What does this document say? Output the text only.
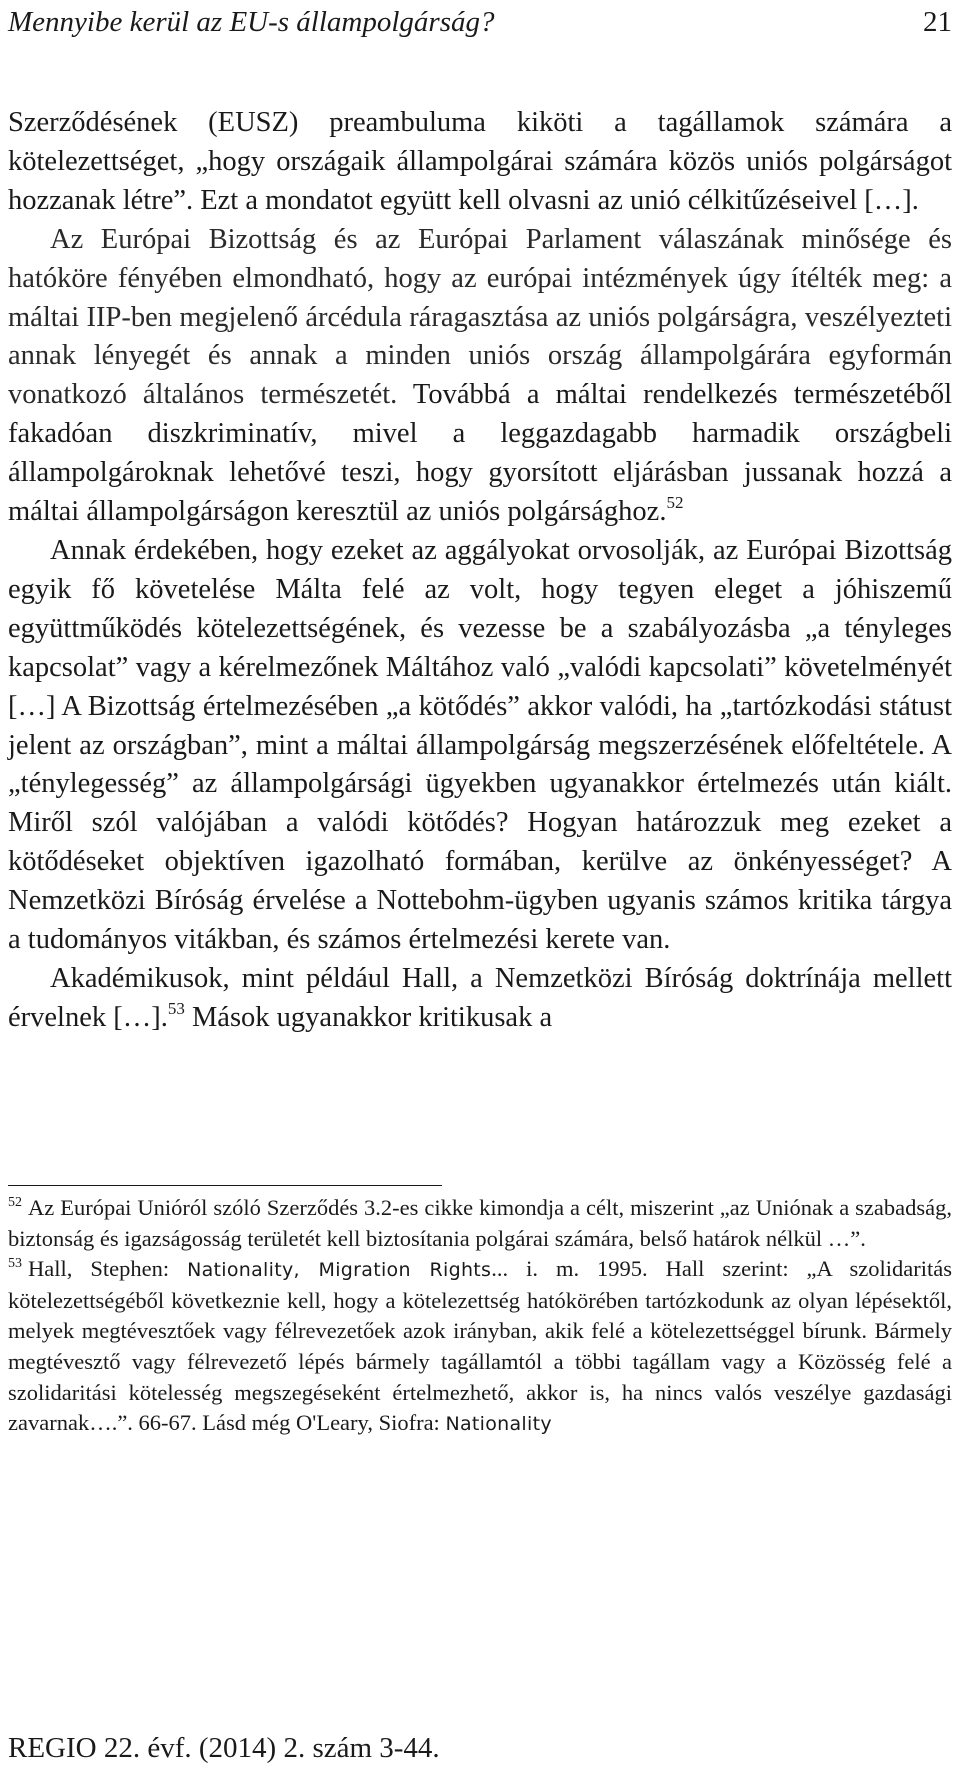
Mennyibe kerül az EU-s állampolgárság?	21

Szerződésének (EUSZ) preambuluma kiköti a tagállamok számára a kötelezettséget, „hogy országaik állampolgárai számára közös uniós polgárságot hozzanak létre”. Ezt a mondatot együtt kell olvasni az unió célkitűzéseivel […].

Az Európai Bizottság és az Európai Parlament válaszának minősége és hatóköre fényében elmondható, hogy az európai intézmények úgy ítélték meg: a máltai IIP-ben megjelenő árcédula ráragasztása az uniós polgárságra, veszélyezteti annak lényegét és annak a minden uniós ország állampolgárára egyformán vonatkozó általános természetét. Továbbá a máltai rendelkezés természetéből fakadóan diszkriminatív, mivel a leggazdagabb harmadik országbeli állampolgároknak lehetővé teszi, hogy gyorsított eljárásban jussanak hozzá a máltai állampolgárságon keresztül az uniós polgársághoz.$^{52}$

Annak érdekében, hogy ezeket az aggályokat orvosolják, az Európai Bizottság egyik fő követelése Málta felé az volt, hogy tegyen eleget a jóhiszemű együttműködés kötelezettségének, és vezesse be a szabályozásba „a tényleges kapcsolat” vagy a kérelmezőnek Máltához való „valódi kapcsolati” követelményét […] A Bizottság értelmezésében „a kötődés” akkor valódi, ha „tartózkodási státust jelent az országban”, mint a máltai állampolgárság megszerzésének előfeltétele. A „ténylegesség” az állampolgársági ügyekben ugyanakkor értelmezés után kiált. Miről szól valójában a valódi kötődés? Hogyan határozzuk meg ezeket a kötődéseket objektíven igazolható formában, kerülve az önkényességet? A Nemzetközi Bíróság érvelése a Nottebohm-ügyben ugyanis számos kritika tárgya a tudományos vitákban, és számos értelmezési kerete van.

Akadémikusok, mint például Hall, a Nemzetközi Bíróság doktrínája mellett érvelnek […].$^{53}$ Mások ugyanakkor kritikusak a

$^{52}$ Az Európai Unióról szóló Szerződés 3.2-es cikke kimondja a célt, miszerint „az Uniónak a szabadság, biztonság és igazságosság területét kell biztosítania polgárai számára, belső határok nélkül …”.

$^{53}$ Hall, Stephen: Nationality, Migration Rights... i. m. 1995. Hall szerint: „A szolidaritás kötelezettségéből következnie kell, hogy a kötelezettség hatókörében tartózkodunk az olyan lépésektől, melyek megtévesztőek vagy félrevezetőek azok irányban, akik felé a kötelezettséggel bírunk. Bármely megtévesztő vagy félrevezető lépés bármely tagállamtól a többi tagállam vagy a Közösség felé a szolidaritási kötelesség megszegéseként értelmezhető, akkor is, ha nincs valós veszélye gazdasági zavarnak….”. 66-67. Lásd még O'Leary, Siofra: Nationality

REGIO 22. évf. (2014) 2. szám 3-44.
